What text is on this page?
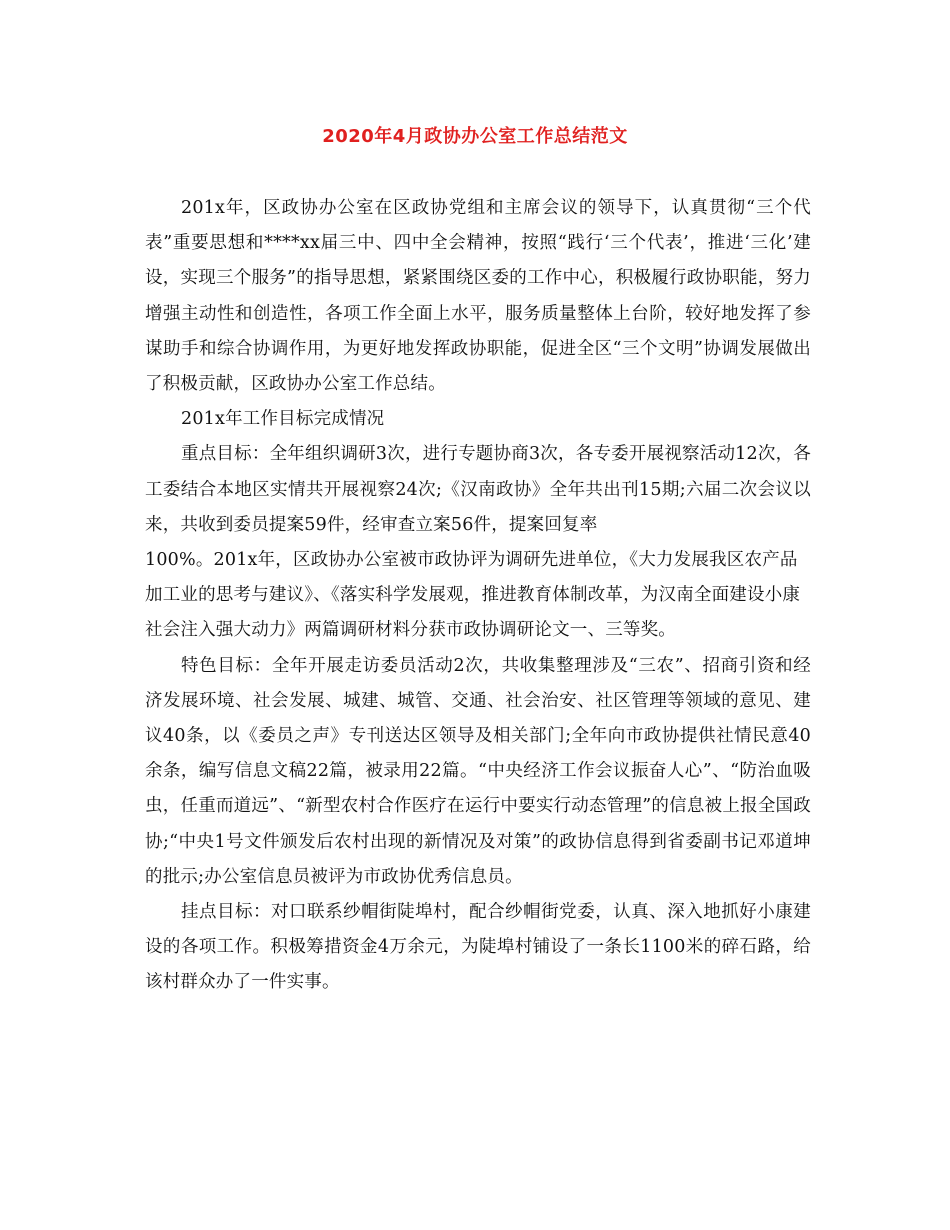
2020年4月政协办公室工作总结范文

201x年，区政协办公室在区政协党组和主席会议的领导下，认真贯彻“三个代表”重要思想和****xx届三中、四中全会精神，按照“践行‘三个代表’，推进‘三化’建设，实现三个服务”的指导思想，紧紧围绕区委的工作中心，积极履行政协职能，努力增强主动性和创造性，各项工作全面上水平，服务质量整体上台阶，较好地发挥了参谋助手和综合协调作用，为更好地发挥政协职能，促进全区“三个文明”协调发展做出了积极贡献，区政协办公室工作总结。

201x年工作目标完成情况

重点目标：全年组织调研3次，进行专题协商3次，各专委开展视察活动12次，各工委结合本地区实情共开展视察24次;《汉南政协》全年共出刊15期;六届二次会议以来，共收到委员提案59件，经审查立案56件，提案回复率

100%。201x年，区政协办公室被市政协评为调研先进单位，《大力发展我区农产品加工业的思考与建议》、《落实科学发展观，推进教育体制改革，为汉南全面建设小康社会注入强大动力》两篇调研材料分获市政协调研论文一、三等奖。

特色目标：全年开展走访委员活动2次，共收集整理涉及“三农”、招商引资和经济发展环境、社会发展、城建、城管、交通、社会治安、社区管理等领域的意见、建议40条，以《委员之声》专刊送达区领导及相关部门;全年向市政协提供社情民意40余条，编写信息文稿22篇，被录用22篇。“中央经济工作会议振奋人心”、“防治血吸虫，任重而道远”、“新型农村合作医疗在运行中要实行动态管理”的信息被上报全国政协;“中央1号文件颁发后农村出现的新情况及对策”的政协信息得到省委副书记邓道坤的批示;办公室信息员被评为市政协优秀信息员。

挂点目标：对口联系纱帽街陡埠村，配合纱帽街党委，认真、深入地抓好小康建设的各项工作。积极筹措资金4万余元，为陡埠村铺设了一条长1100米的碎石路，给该村群众办了一件实事。
